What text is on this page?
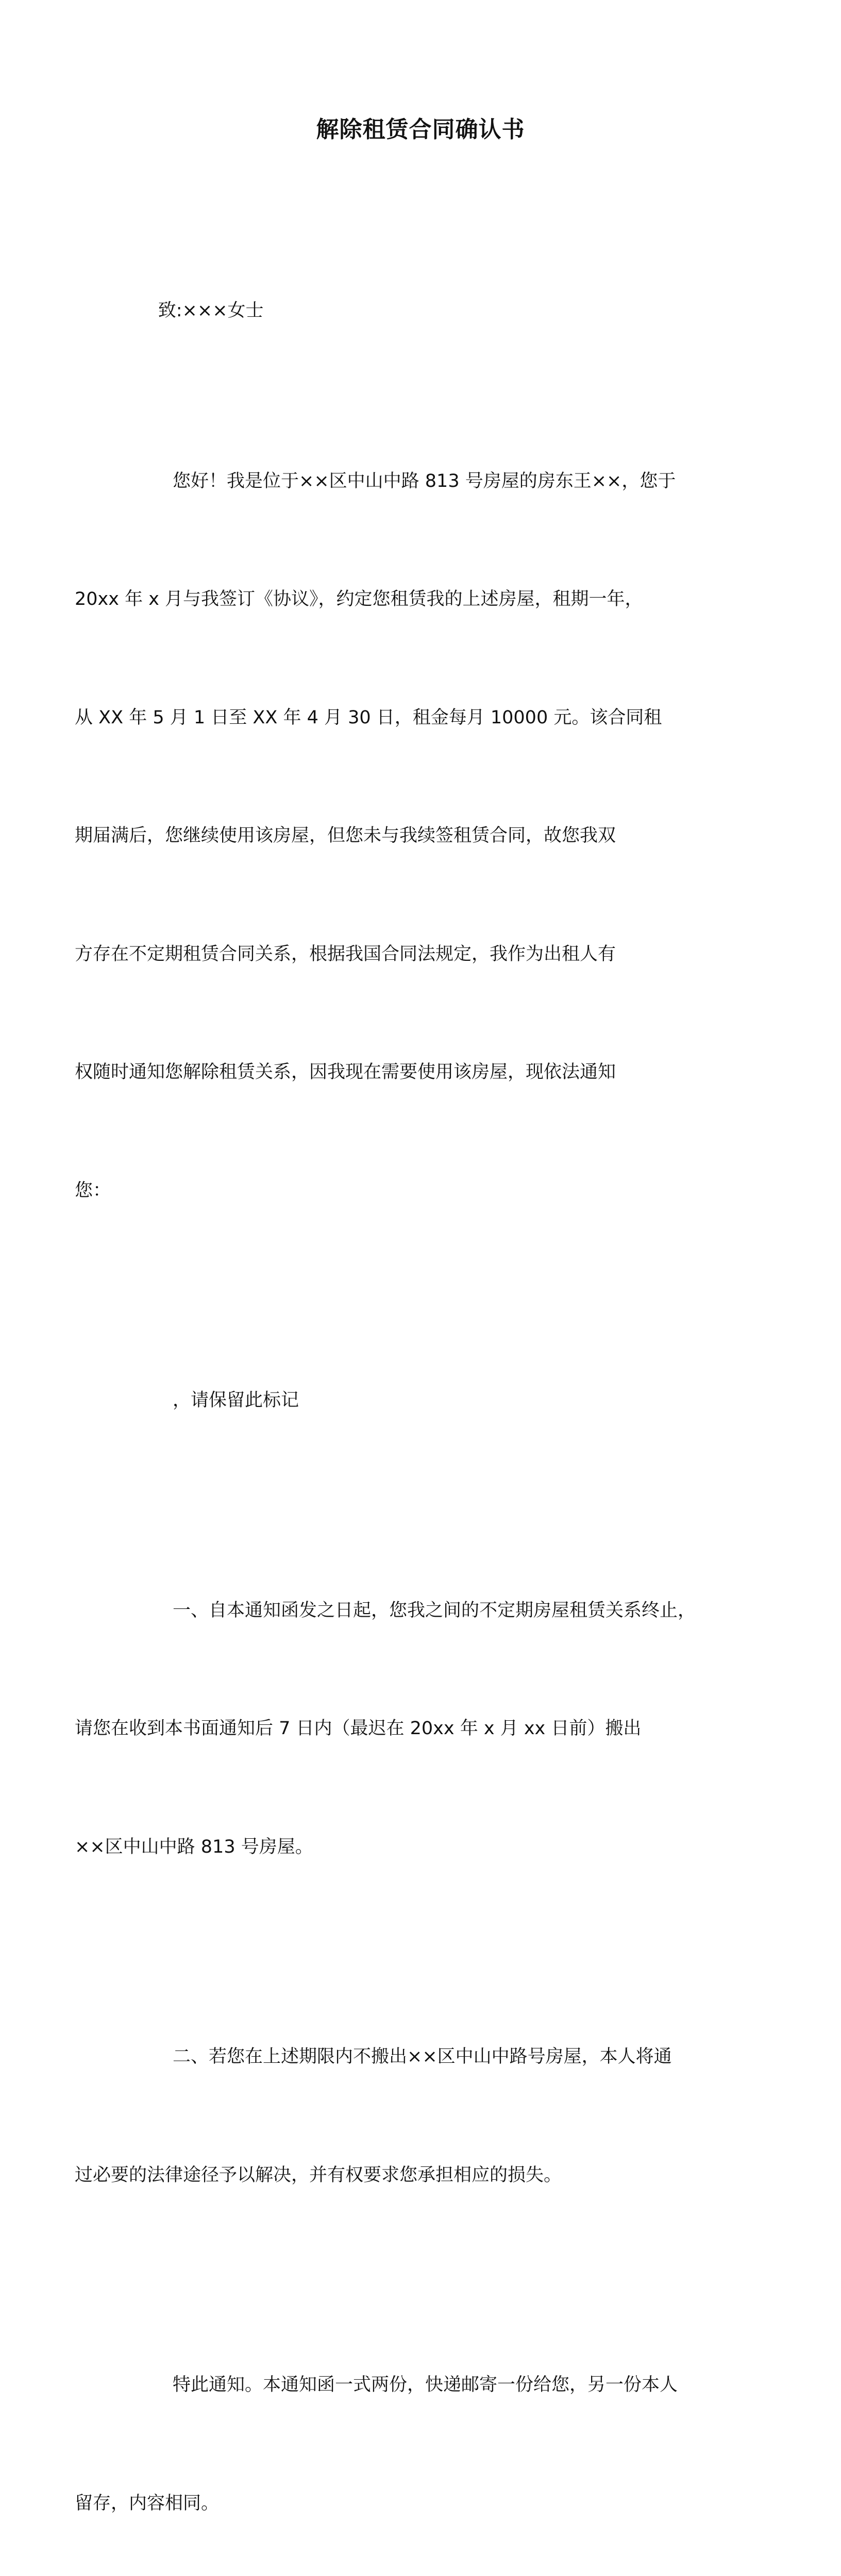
解除租赁合同确认书

致:×××女士

您好！我是位于××区中山中路 813 号房屋的房东王××，您于

20xx 年 x 月与我签订《协议》，约定您租赁我的上述房屋，租期一年，

从 XX 年 5 月 1 日至 XX 年 4 月 30 日，租金每月 10000 元。该合同租

期届满后，您继续使用该房屋，但您未与我续签租赁合同，故您我双

方存在不定期租赁合同关系，根据我国合同法规定，我作为出租人有

权随时通知您解除租赁关系，因我现在需要使用该房屋，现依法通知

您：

，请保留此标记

一、自本通知函发之日起，您我之间的不定期房屋租赁关系终止，

请您在收到本书面通知后 7 日内（最迟在 20xx 年 x 月 xx 日前）搬出

××区中山中路 813 号房屋。

二、若您在上述期限内不搬出××区中山中路号房屋，本人将通

过必要的法律途径予以解决，并有权要求您承担相应的损失。

特此通知。本通知函一式两份，快递邮寄一份给您，另一份本人

留存，内容相同。
